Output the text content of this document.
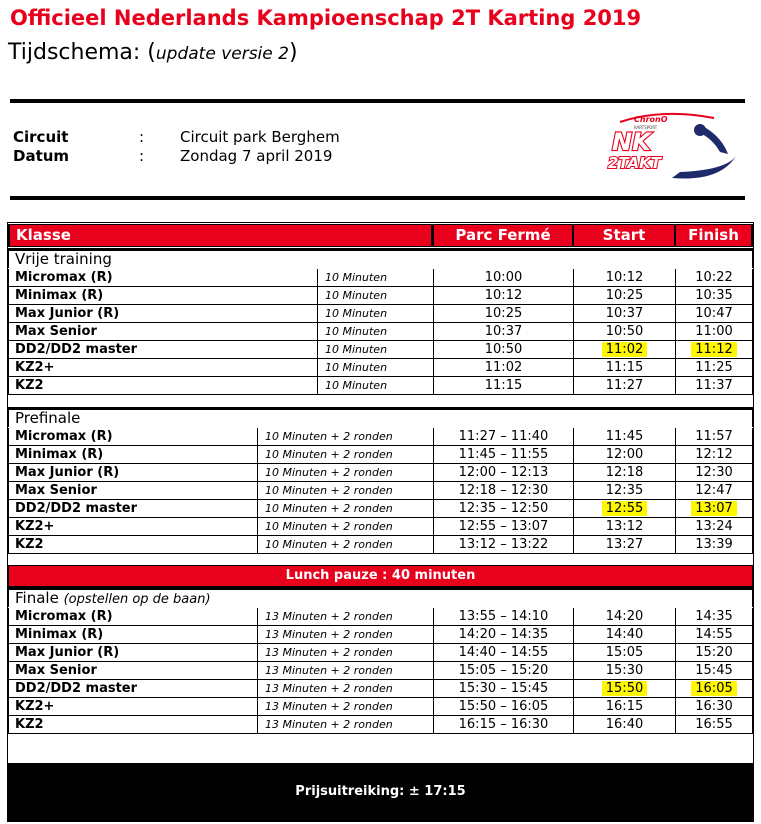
Officieel Nederlands Kampioenschap 2T Karting 2019
Tijdschema: (update versie 2)
Circuit	: Circuit park Berghem
Datum	: Zondag 7 april 2019
ChronO
KARTSPORT
NK
2TAKT
Klasse	Parc Fermé	Start	Finish
Vrije training
Micromax (R)	10 Minuten	10:00	10:12	10:22
Minimax (R)	10 Minuten	10:12	10:25	10:35
Max Junior (R)	10 Minuten	10:25	10:37	10:47
Max Senior	10 Minuten	10:37	10:50	11:00
DD2/DD2 master	10 Minuten	10:50	11:02	11:12
KZ2+	10 Minuten	11:02	11:15	11:25
KZ2	10 Minuten	11:15	11:27	11:37
Prefinale
Micromax (R)	10 Minuten + 2 ronden	11:27 – 11:40	11:45	11:57
Minimax (R)	10 Minuten + 2 ronden	11:45 – 11:55	12:00	12:12
Max Junior (R)	10 Minuten + 2 ronden	12:00 – 12:13	12:18	12:30
Max Senior	10 Minuten + 2 ronden	12:18 – 12:30	12:35	12:47
DD2/DD2 master	10 Minuten + 2 ronden	12:35 – 12:50	12:55	13:07
KZ2+	10 Minuten + 2 ronden	12:55 – 13:07	13:12	13:24
KZ2	10 Minuten + 2 ronden	13:12 – 13:22	13:27	13:39
Finale (opstellen op de baan)
Micromax (R)	13 Minuten + 2 ronden	13:55 – 14:10	14:20	14:35
Minimax (R)	13 Minuten + 2 ronden	14:20 – 14:35	14:40	14:55
Max Junior (R)	13 Minuten + 2 ronden	14:40 – 14:55	15:05	15:20
Max Senior	13 Minuten + 2 ronden	15:05 – 15:20	15:30	15:45
DD2/DD2 master	13 Minuten + 2 ronden	15:30 – 15:45	15:50	16:05
KZ2+	13 Minuten + 2 ronden	15:50 – 16:05	16:15	16:30
KZ2	13 Minuten + 2 ronden	16:15 – 16:30	16:40	16:55
Lunch pauze : 40 minuten
Prijsuitreiking: ± 17:15
